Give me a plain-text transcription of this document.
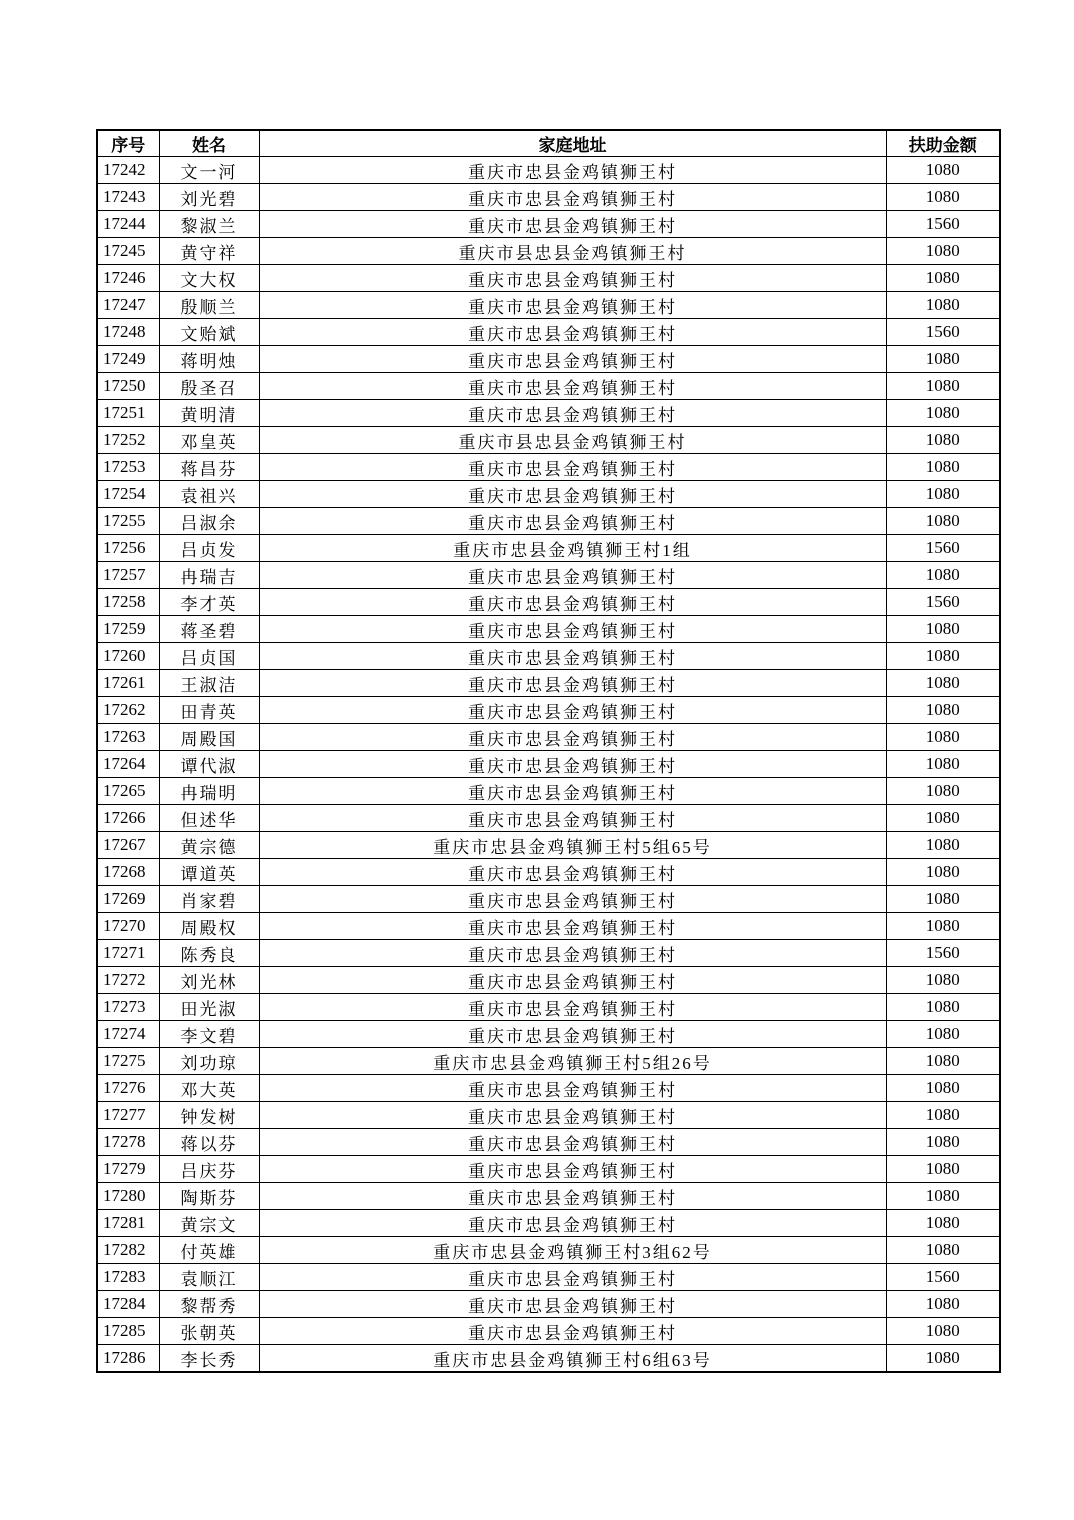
序号	姓名	家庭地址	扶助金额
17242	文一河	重庆市忠县金鸡镇狮王村	1080
17243	刘光碧	重庆市忠县金鸡镇狮王村	1080
17244	黎淑兰	重庆市忠县金鸡镇狮王村	1560
17245	黄守祥	重庆市县忠县金鸡镇狮王村	1080
17246	文大权	重庆市忠县金鸡镇狮王村	1080
17247	殷顺兰	重庆市忠县金鸡镇狮王村	1080
17248	文贻斌	重庆市忠县金鸡镇狮王村	1560
17249	蒋明烛	重庆市忠县金鸡镇狮王村	1080
17250	殷圣召	重庆市忠县金鸡镇狮王村	1080
17251	黄明清	重庆市忠县金鸡镇狮王村	1080
17252	邓皇英	重庆市县忠县金鸡镇狮王村	1080
17253	蒋昌芬	重庆市忠县金鸡镇狮王村	1080
17254	袁祖兴	重庆市忠县金鸡镇狮王村	1080
17255	吕淑余	重庆市忠县金鸡镇狮王村	1080
17256	吕贞发	重庆市忠县金鸡镇狮王村1组	1560
17257	冉瑞吉	重庆市忠县金鸡镇狮王村	1080
17258	李才英	重庆市忠县金鸡镇狮王村	1560
17259	蒋圣碧	重庆市忠县金鸡镇狮王村	1080
17260	吕贞国	重庆市忠县金鸡镇狮王村	1080
17261	王淑洁	重庆市忠县金鸡镇狮王村	1080
17262	田青英	重庆市忠县金鸡镇狮王村	1080
17263	周殿国	重庆市忠县金鸡镇狮王村	1080
17264	谭代淑	重庆市忠县金鸡镇狮王村	1080
17265	冉瑞明	重庆市忠县金鸡镇狮王村	1080
17266	但述华	重庆市忠县金鸡镇狮王村	1080
17267	黄宗德	重庆市忠县金鸡镇狮王村5组65号	1080
17268	谭道英	重庆市忠县金鸡镇狮王村	1080
17269	肖家碧	重庆市忠县金鸡镇狮王村	1080
17270	周殿权	重庆市忠县金鸡镇狮王村	1080
17271	陈秀良	重庆市忠县金鸡镇狮王村	1560
17272	刘光林	重庆市忠县金鸡镇狮王村	1080
17273	田光淑	重庆市忠县金鸡镇狮王村	1080
17274	李文碧	重庆市忠县金鸡镇狮王村	1080
17275	刘功琼	重庆市忠县金鸡镇狮王村5组26号	1080
17276	邓大英	重庆市忠县金鸡镇狮王村	1080
17277	钟发树	重庆市忠县金鸡镇狮王村	1080
17278	蒋以芬	重庆市忠县金鸡镇狮王村	1080
17279	吕庆芬	重庆市忠县金鸡镇狮王村	1080
17280	陶斯芬	重庆市忠县金鸡镇狮王村	1080
17281	黄宗文	重庆市忠县金鸡镇狮王村	1080
17282	付英雄	重庆市忠县金鸡镇狮王村3组62号	1080
17283	袁顺江	重庆市忠县金鸡镇狮王村	1560
17284	黎帮秀	重庆市忠县金鸡镇狮王村	1080
17285	张朝英	重庆市忠县金鸡镇狮王村	1080
17286	李长秀	重庆市忠县金鸡镇狮王村6组63号	1080
